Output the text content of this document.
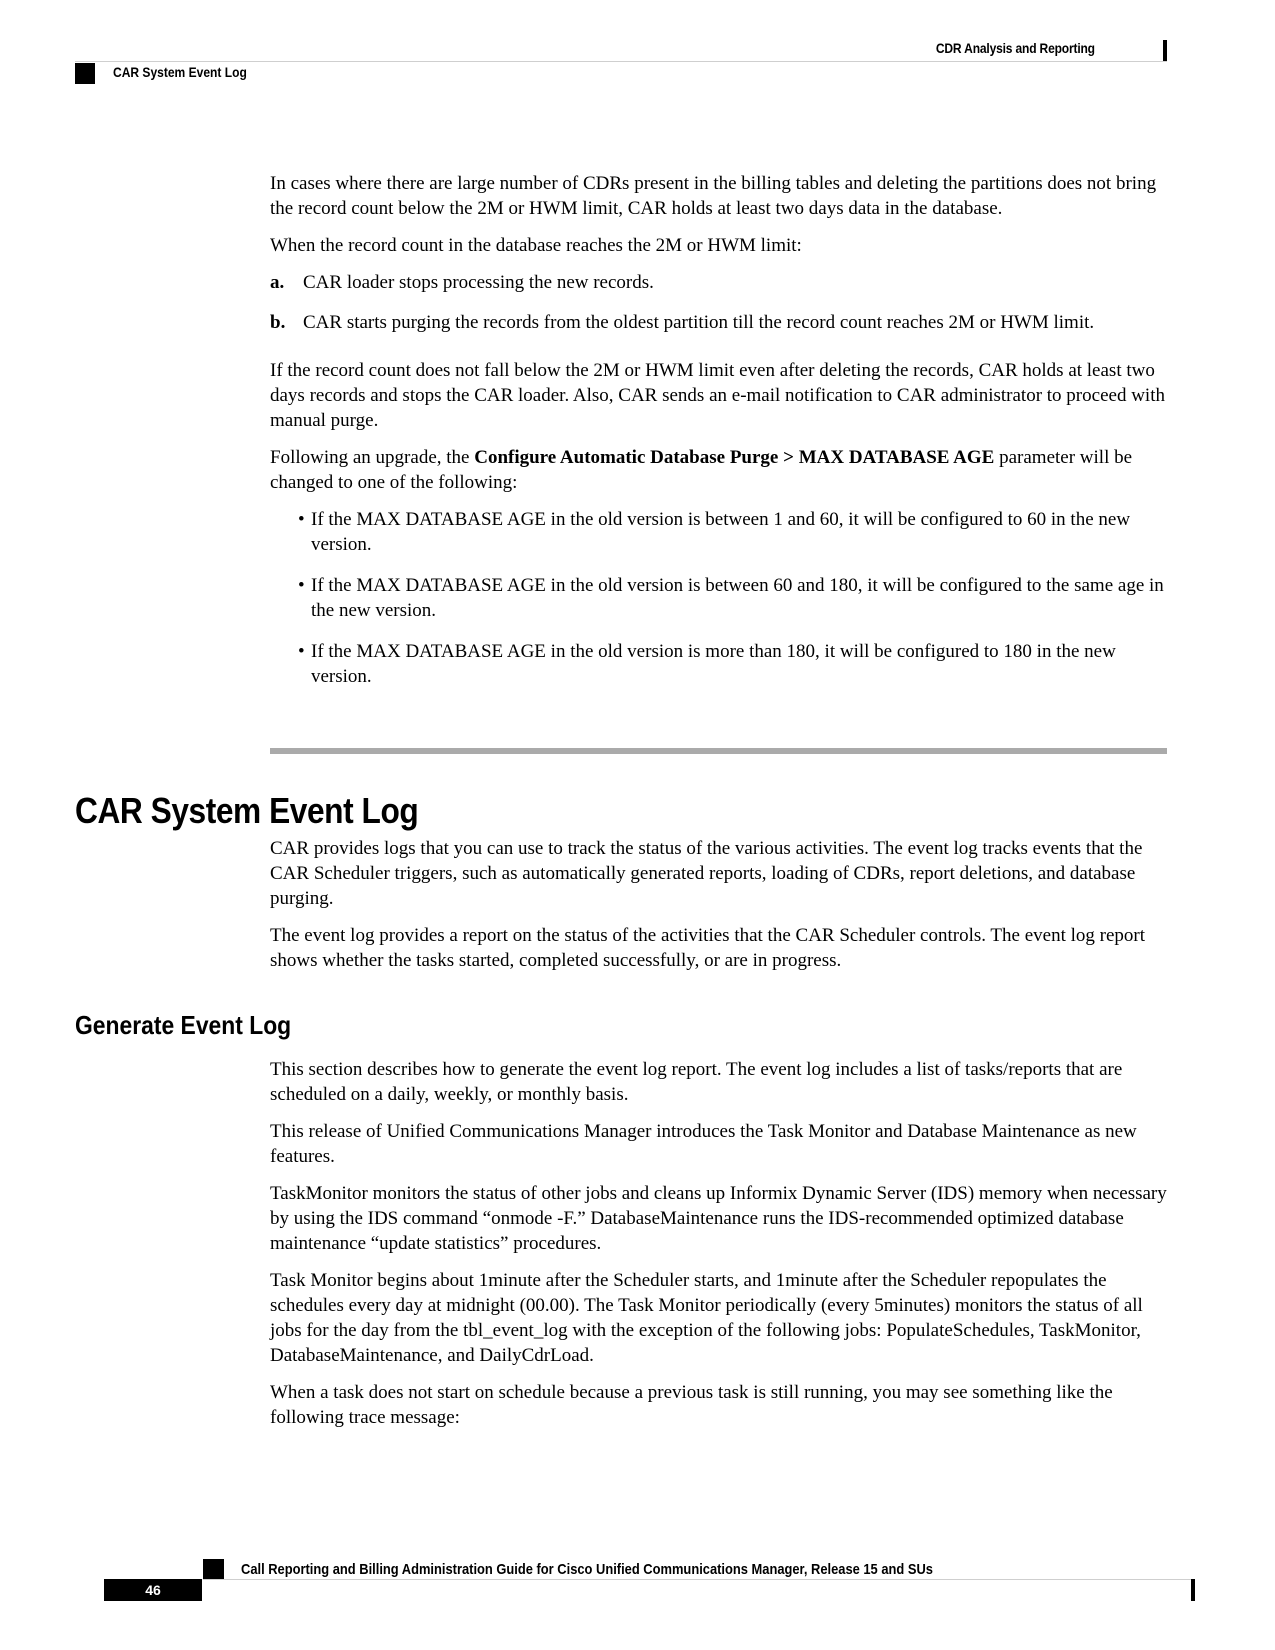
CDR Analysis and Reporting
CAR System Event Log

In cases where there are large number of CDRs present in the billing tables and deleting the partitions does not bring the record count below the 2M or HWM limit, CAR holds at least two days data in the database.

When the record count in the database reaches the 2M or HWM limit:

a. CAR loader stops processing the new records.
b. CAR starts purging the records from the oldest partition till the record count reaches 2M or HWM limit.

If the record count does not fall below the 2M or HWM limit even after deleting the records, CAR holds at least two days records and stops the CAR loader. Also, CAR sends an e-mail notification to CAR administrator to proceed with manual purge.

Following an upgrade, the Configure Automatic Database Purge > MAX DATABASE AGE parameter will be changed to one of the following:

• If the MAX DATABASE AGE in the old version is between 1 and 60, it will be configured to 60 in the new version.
• If the MAX DATABASE AGE in the old version is between 60 and 180, it will be configured to the same age in the new version.
• If the MAX DATABASE AGE in the old version is more than 180, it will be configured to 180 in the new version.
CAR System Event Log

CAR provides logs that you can use to track the status of the various activities. The event log tracks events that the CAR Scheduler triggers, such as automatically generated reports, loading of CDRs, report deletions, and database purging.

The event log provides a report on the status of the activities that the CAR Scheduler controls. The event log report shows whether the tasks started, completed successfully, or are in progress.

Generate Event Log

This section describes how to generate the event log report. The event log includes a list of tasks/reports that are scheduled on a daily, weekly, or monthly basis.

This release of Unified Communications Manager introduces the Task Monitor and Database Maintenance as new features.

TaskMonitor monitors the status of other jobs and cleans up Informix Dynamic Server (IDS) memory when necessary by using the IDS command “onmode -F.” DatabaseMaintenance runs the IDS-recommended optimized database maintenance “update statistics” procedures.

Task Monitor begins about 1minute after the Scheduler starts, and 1minute after the Scheduler repopulates the schedules every day at midnight (00.00). The Task Monitor periodically (every 5minutes) monitors the status of all jobs for the day from the tbl_event_log with the exception of the following jobs: PopulateSchedules, TaskMonitor, DatabaseMaintenance, and DailyCdrLoad.

When a task does not start on schedule because a previous task is still running, you may see something like the following trace message:

Call Reporting and Billing Administration Guide for Cisco Unified Communications Manager, Release 15 and SUs
46
